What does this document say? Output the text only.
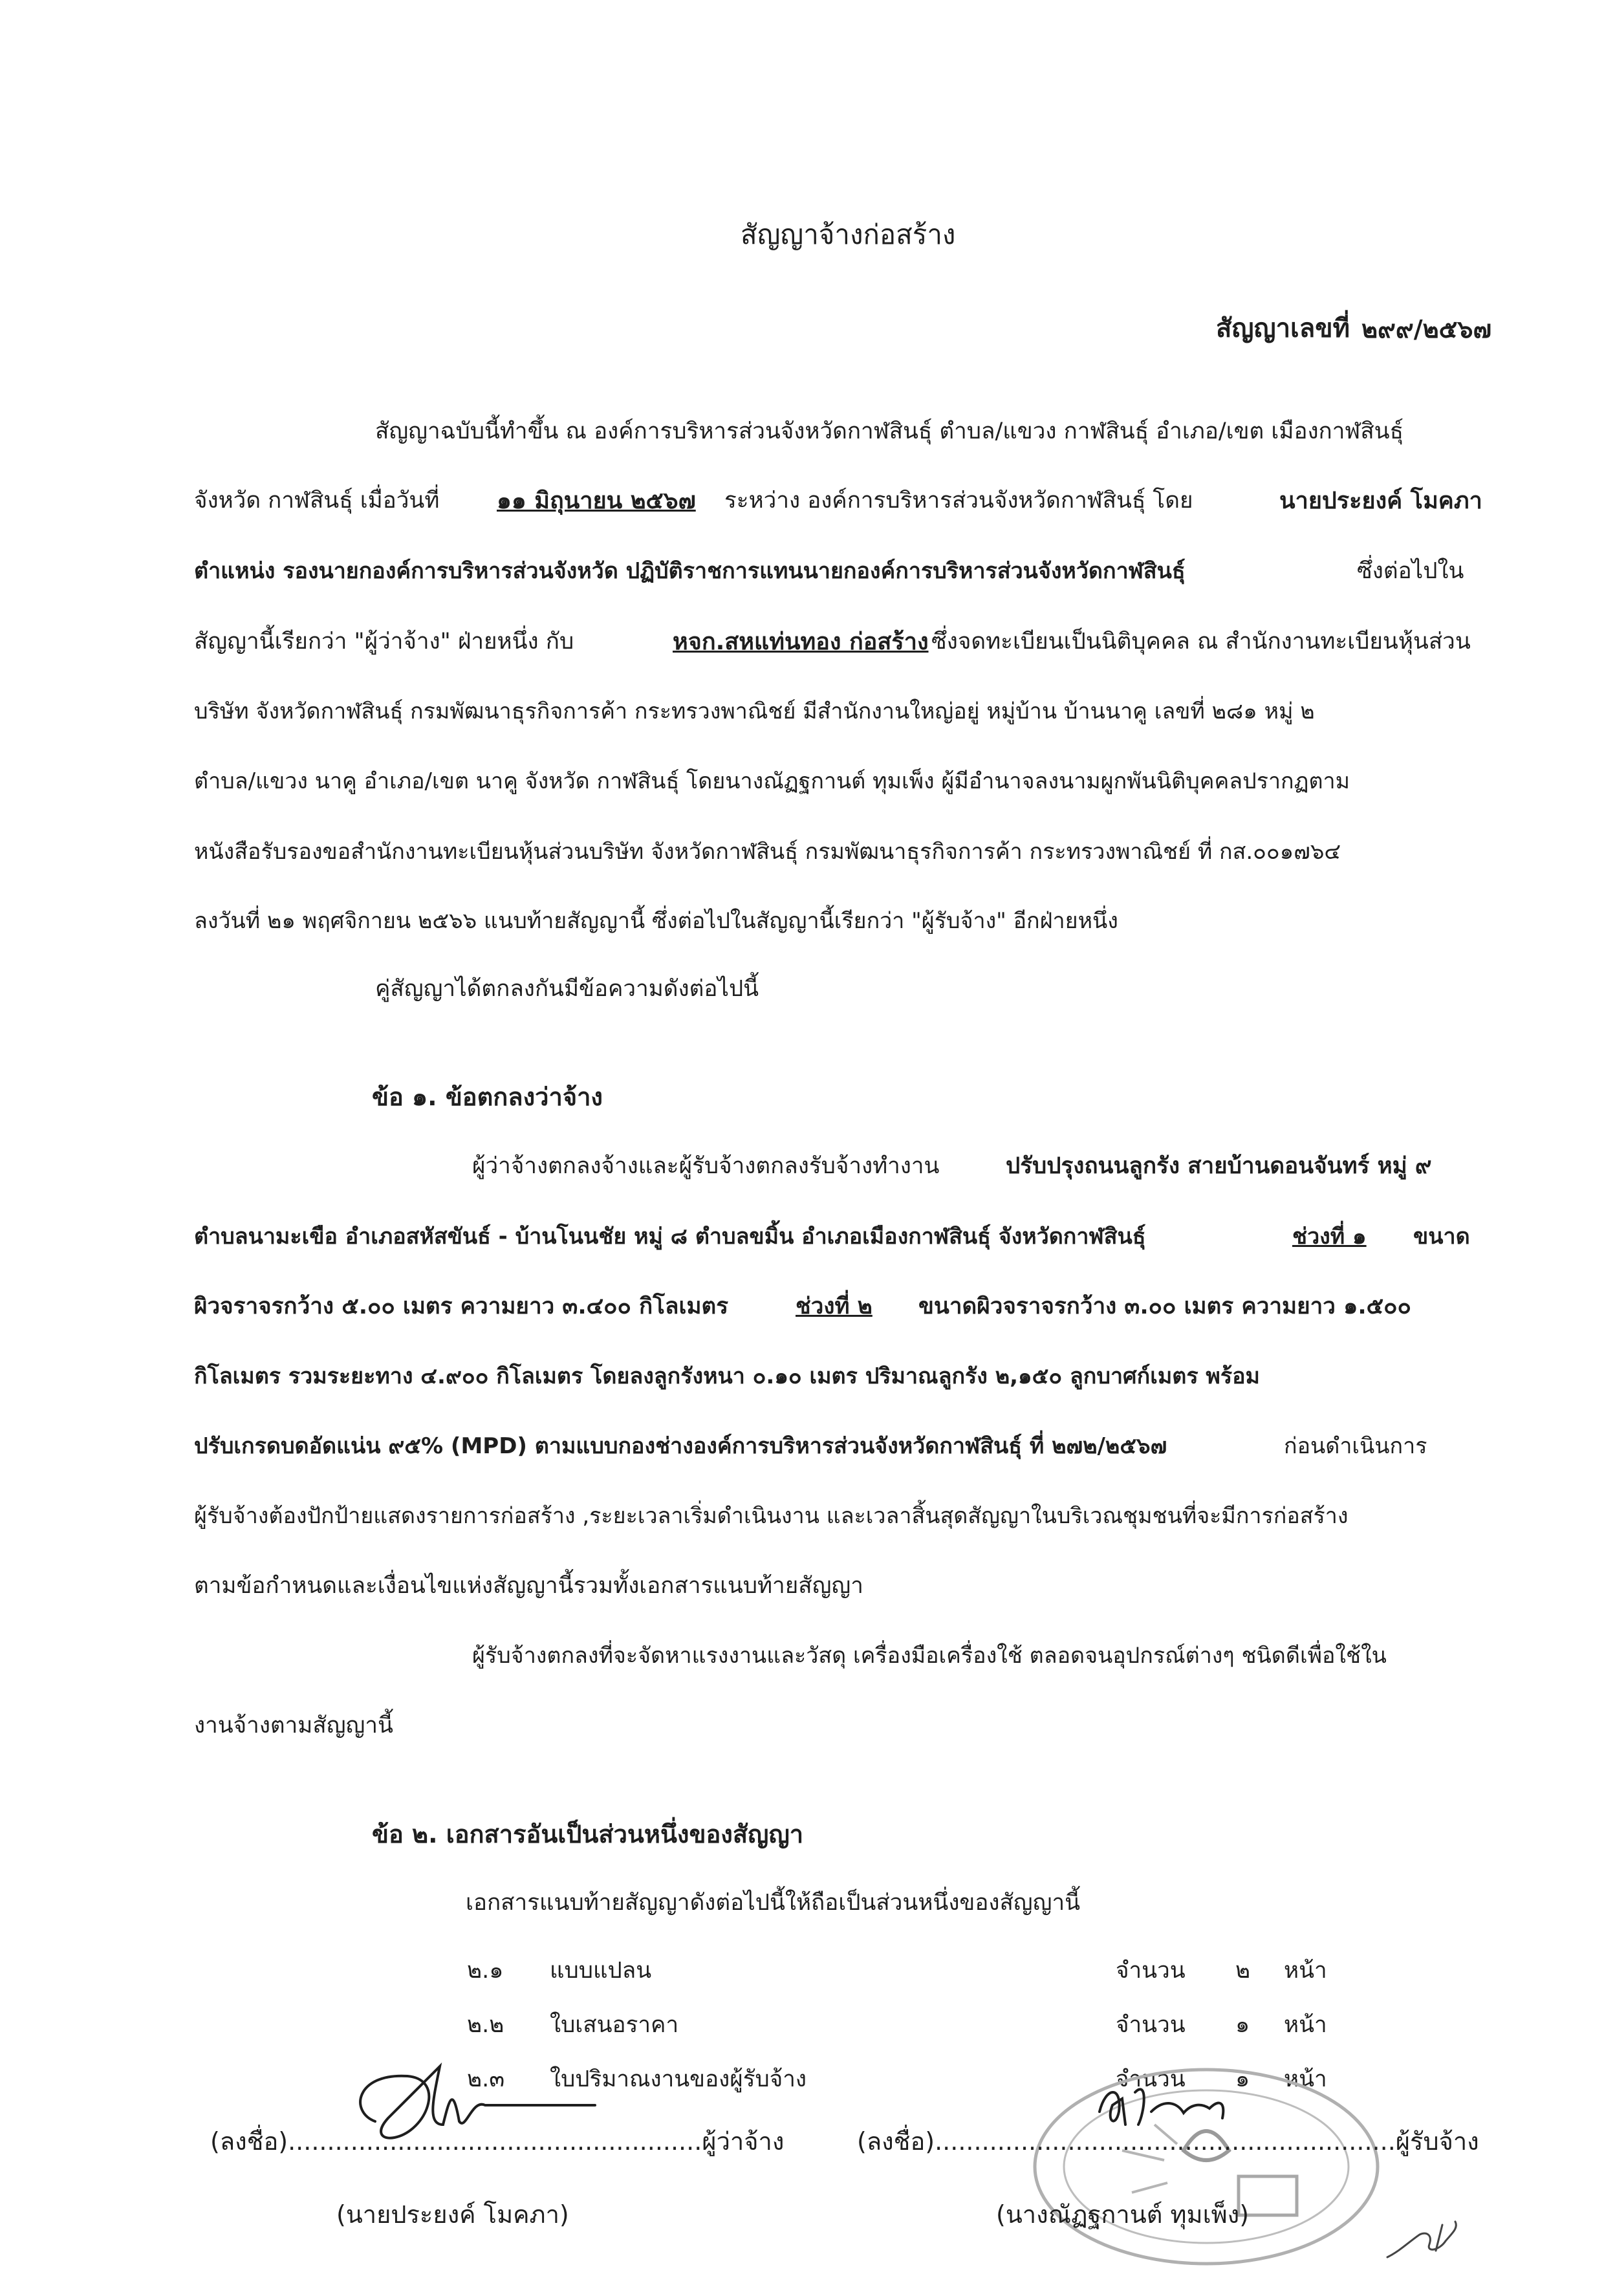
สัญญาจ้างก่อสร้าง
สัญญาเลขที่ ๒๙๙/๒๕๖๗
สัญญาฉบับนี้ทำขึ้น ณ องค์การบริหารส่วนจังหวัดกาฬสินธุ์ ตำบล/แขวง กาฬสินธุ์ อำเภอ/เขต เมืองกาฬสินธุ์
จังหวัด กาฬสินธุ์ เมื่อวันที่ ๑๑ มิถุนายน ๒๕๖๗ ระหว่าง องค์การบริหารส่วนจังหวัดกาฬสินธุ์ โดย	นายประยงค์ โมคภา
ตำแหน่ง รองนายกองค์การบริหารส่วนจังหวัด ปฏิบัติราชการแทนนายกองค์การบริหารส่วนจังหวัดกาฬสินธุ์	ซึ่งต่อไปใน
สัญญานี้เรียกว่า "ผู้ว่าจ้าง" ฝ่ายหนึ่ง กับ	หจก.สหแท่นทอง ก่อสร้าง ซึ่งจดทะเบียนเป็นนิติบุคคล ณ สำนักงานทะเบียนหุ้นส่วน
บริษัท จังหวัดกาฬสินธุ์ กรมพัฒนาธุรกิจการค้า กระทรวงพาณิชย์ มีสำนักงานใหญ่อยู่ หมู่บ้าน บ้านนาคู เลขที่ ๒๘๑ หมู่ ๒
ตำบล/แขวง นาคู อำเภอ/เขต นาคู จังหวัด กาฬสินธุ์ โดยนางณัฏฐกานต์ ทุมเพ็ง ผู้มีอำนาจลงนามผูกพันนิติบุคคลปรากฏตาม
หนังสือรับรองขอสำนักงานทะเบียนหุ้นส่วนบริษัท จังหวัดกาฬสินธุ์ กรมพัฒนาธุรกิจการค้า กระทรวงพาณิชย์ ที่ กส.๐๐๑๗๖๔
ลงวันที่ ๒๑ พฤศจิกายน ๒๕๖๖ แนบท้ายสัญญานี้ ซึ่งต่อไปในสัญญานี้เรียกว่า "ผู้รับจ้าง" อีกฝ่ายหนึ่ง
คู่สัญญาได้ตกลงกันมีข้อความดังต่อไปนี้
ข้อ ๑. ข้อตกลงว่าจ้าง
ผู้ว่าจ้างตกลงจ้างและผู้รับจ้างตกลงรับจ้างทำงาน	ปรับปรุงถนนลูกรัง สายบ้านดอนจันทร์ หมู่ ๙
ตำบลนามะเขือ อำเภอสหัสขันธ์ - บ้านโนนชัย หมู่ ๘ ตำบลขมิ้น อำเภอเมืองกาฬสินธุ์ จังหวัดกาฬสินธุ์	ช่วงที่ ๑ ขนาด
ผิวจราจรกว้าง ๕.๐๐ เมตร ความยาว ๓.๔๐๐ กิโลเมตร	ช่วงที่ ๒ ขนาดผิวจราจรกว้าง ๓.๐๐ เมตร ความยาว ๑.๕๐๐
กิโลเมตร รวมระยะทาง ๔.๙๐๐ กิโลเมตร โดยลงลูกรังหนา ๐.๑๐ เมตร ปริมาณลูกรัง ๒,๑๕๐ ลูกบาศก์เมตร พร้อม
ปรับเกรดบดอัดแน่น ๙๕% (MPD) ตามแบบกองช่างองค์การบริหารส่วนจังหวัดกาฬสินธุ์ ที่ ๒๗๒/๒๕๖๗	ก่อนดำเนินการ
ผู้รับจ้างต้องปักป้ายแสดงรายการก่อสร้าง ,ระยะเวลาเริ่มดำเนินงาน และเวลาสิ้นสุดสัญญาในบริเวณชุมชนที่จะมีการก่อสร้าง
ตามข้อกำหนดและเงื่อนไขแห่งสัญญานี้รวมทั้งเอกสารแนบท้ายสัญญา
ผู้รับจ้างตกลงที่จะจัดหาแรงงานและวัสดุ เครื่องมือเครื่องใช้ ตลอดจนอุปกรณ์ต่างๆ ชนิดดีเพื่อใช้ใน
งานจ้างตามสัญญานี้
ข้อ ๒. เอกสารอันเป็นส่วนหนึ่งของสัญญา
เอกสารแนบท้ายสัญญาดังต่อไปนี้ให้ถือเป็นส่วนหนึ่งของสัญญานี้
๒.๑ แบบแปลน	จำนวน ๒ หน้า
๒.๒ ใบเสนอราคา	จำนวน ๑ หน้า
๒.๓ ใบปริมาณงานของผู้รับจ้าง	จำนวน ๑ หน้า
(ลงชื่อ).....................................................ผู้ว่าจ้าง
(นายประยงค์ โมคภา)
(ลงชื่อ)...........................................................ผู้รับจ้าง
(นางณัฏฐกานต์ ทุมเพ็ง)
